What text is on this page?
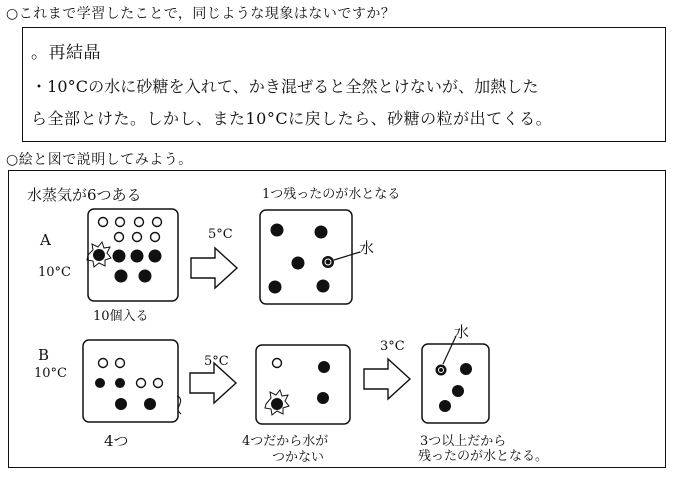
○これまで学習したことで，同じような現象はないですか？
。再結晶
・10°Cの水に砂糖を入れて、かき混ぜると全然とけないが、加熱した
ら全部とけた。しかし、また10°Cに戻したら、砂糖の粒が出てくる。
○絵と図で説明してみよう。
水蒸気が6つある	1つ残ったのが水となる
A
10°C
10個入る
5°C
水
B
10°C
4つ
5°C
4つだから水が
つかない
3°C
水
3つ以上だから
残ったのが水となる。
